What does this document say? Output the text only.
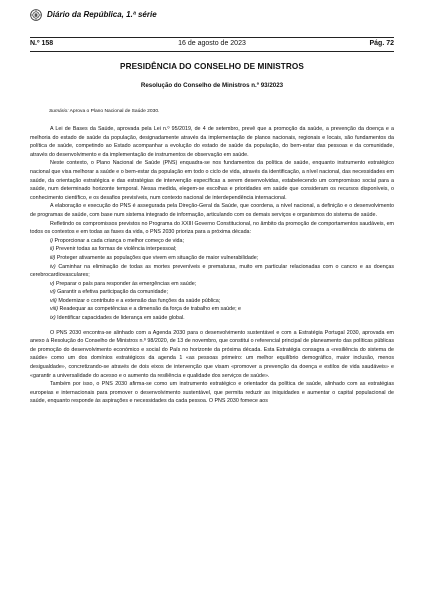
Diário da República, 1.ª série
N.º 158	16 de agosto de 2023	Pág. 72
PRESIDÊNCIA DO CONSELHO DE MINISTROS
Resolução do Conselho de Ministros n.º 93/2023
Sumário: Aprova o Plano Nacional de Saúde 2030.

A Lei de Bases da Saúde, aprovada pela Lei n.º 95/2019, de 4 de setembro, prevê que a promoção da saúde, a prevenção da doença e a melhoria do estado de saúde da população, designadamente através da implementação de planos nacionais, regionais e locais, são fundamentos da política de saúde, competindo ao Estado acompanhar a evolução do estado de saúde da população, do bem-estar das pessoas e da comunidade, através do desenvolvimento e da implementação de instrumentos de observação em saúde.

Neste contexto, o Plano Nacional de Saúde (PNS) enquadra-se nos fundamentos da política de saúde, enquanto instrumento estratégico nacional que visa melhorar a saúde e o bem-estar da população em todo o ciclo de vida, através da identificação, a nível nacional, das necessidades em saúde, da orientação estratégica e das estratégias de intervenção específicas a serem desenvolvidas, estabelecendo um compromisso social para a saúde, num determinado horizonte temporal. Nessa medida, elegem-se escolhas e prioridades em saúde que consideram os recursos disponíveis, o conhecimento científico, e os desafios previsíveis, num contexto nacional de interdependência internacional.

A elaboração e execução do PNS é assegurada pela Direção-Geral da Saúde, que coordena, a nível nacional, a definição e o desenvolvimento de programas de saúde, com base num sistema integrado de informação, articulando com os demais serviços e organismos do sistema de saúde.

Refletindo os compromissos previstos no Programa do XXIII Governo Constitucional, no âmbito da promoção de comportamentos saudáveis, em todos os contextos e em todas as fases da vida, o PNS 2030 prioriza para a próxima década:

i) Proporcionar a cada criança o melhor começo de vida;
ii) Prevenir todas as formas de violência interpessoal;
iii) Proteger ativamente as populações que vivem em situação de maior vulnerabilidade;
iv) Caminhar na eliminação de todas as mortes preveníveis e prematuras, muito em particular relacionadas com o cancro e as doenças cerebrocardiovasculares;
v) Preparar o país para responder às emergências em saúde;
vi) Garantir a efetiva participação da comunidade;
vii) Modernizar o contributo e a extensão das funções da saúde pública;
viii) Readequar as competências e a dimensão da força de trabalho em saúde; e
ix) Identificar capacidades de liderança em saúde global.

O PNS 2030 encontra-se alinhado com a Agenda 2030 para o desenvolvimento sustentável e com a Estratégia Portugal 2030, aprovada em anexo à Resolução do Conselho de Ministros n.º 98/2020, de 13 de novembro, que constitui o referencial principal de planeamento das políticas públicas de promoção do desenvolvimento económico e social do País no horizonte da próxima década. Esta Estratégia consagra a «resiliência do sistema de saúde» como um dos domínios estratégicos da agenda 1 «as pessoas primeiro: um melhor equilíbrio demográfico, maior inclusão, menos desigualdade», concretizando-se através de dois eixos de intervenção que visam «promover a prevenção da doença e estilos de vida saudáveis» e «garantir a universalidade do acesso e o aumento da resiliência e qualidade dos serviços de saúde».

Também por isso, o PNS 2030 afirma-se como um instrumento estratégico e orientador da política de saúde, alinhado com as estratégias europeias e internacionais para promover o desenvolvimento sustentável, que permita reduzir as iniquidades e aumentar o capital populacional de saúde, enquanto responde às aspirações e necessidades da cada pessoa. O PNS 2030 fomece aos
